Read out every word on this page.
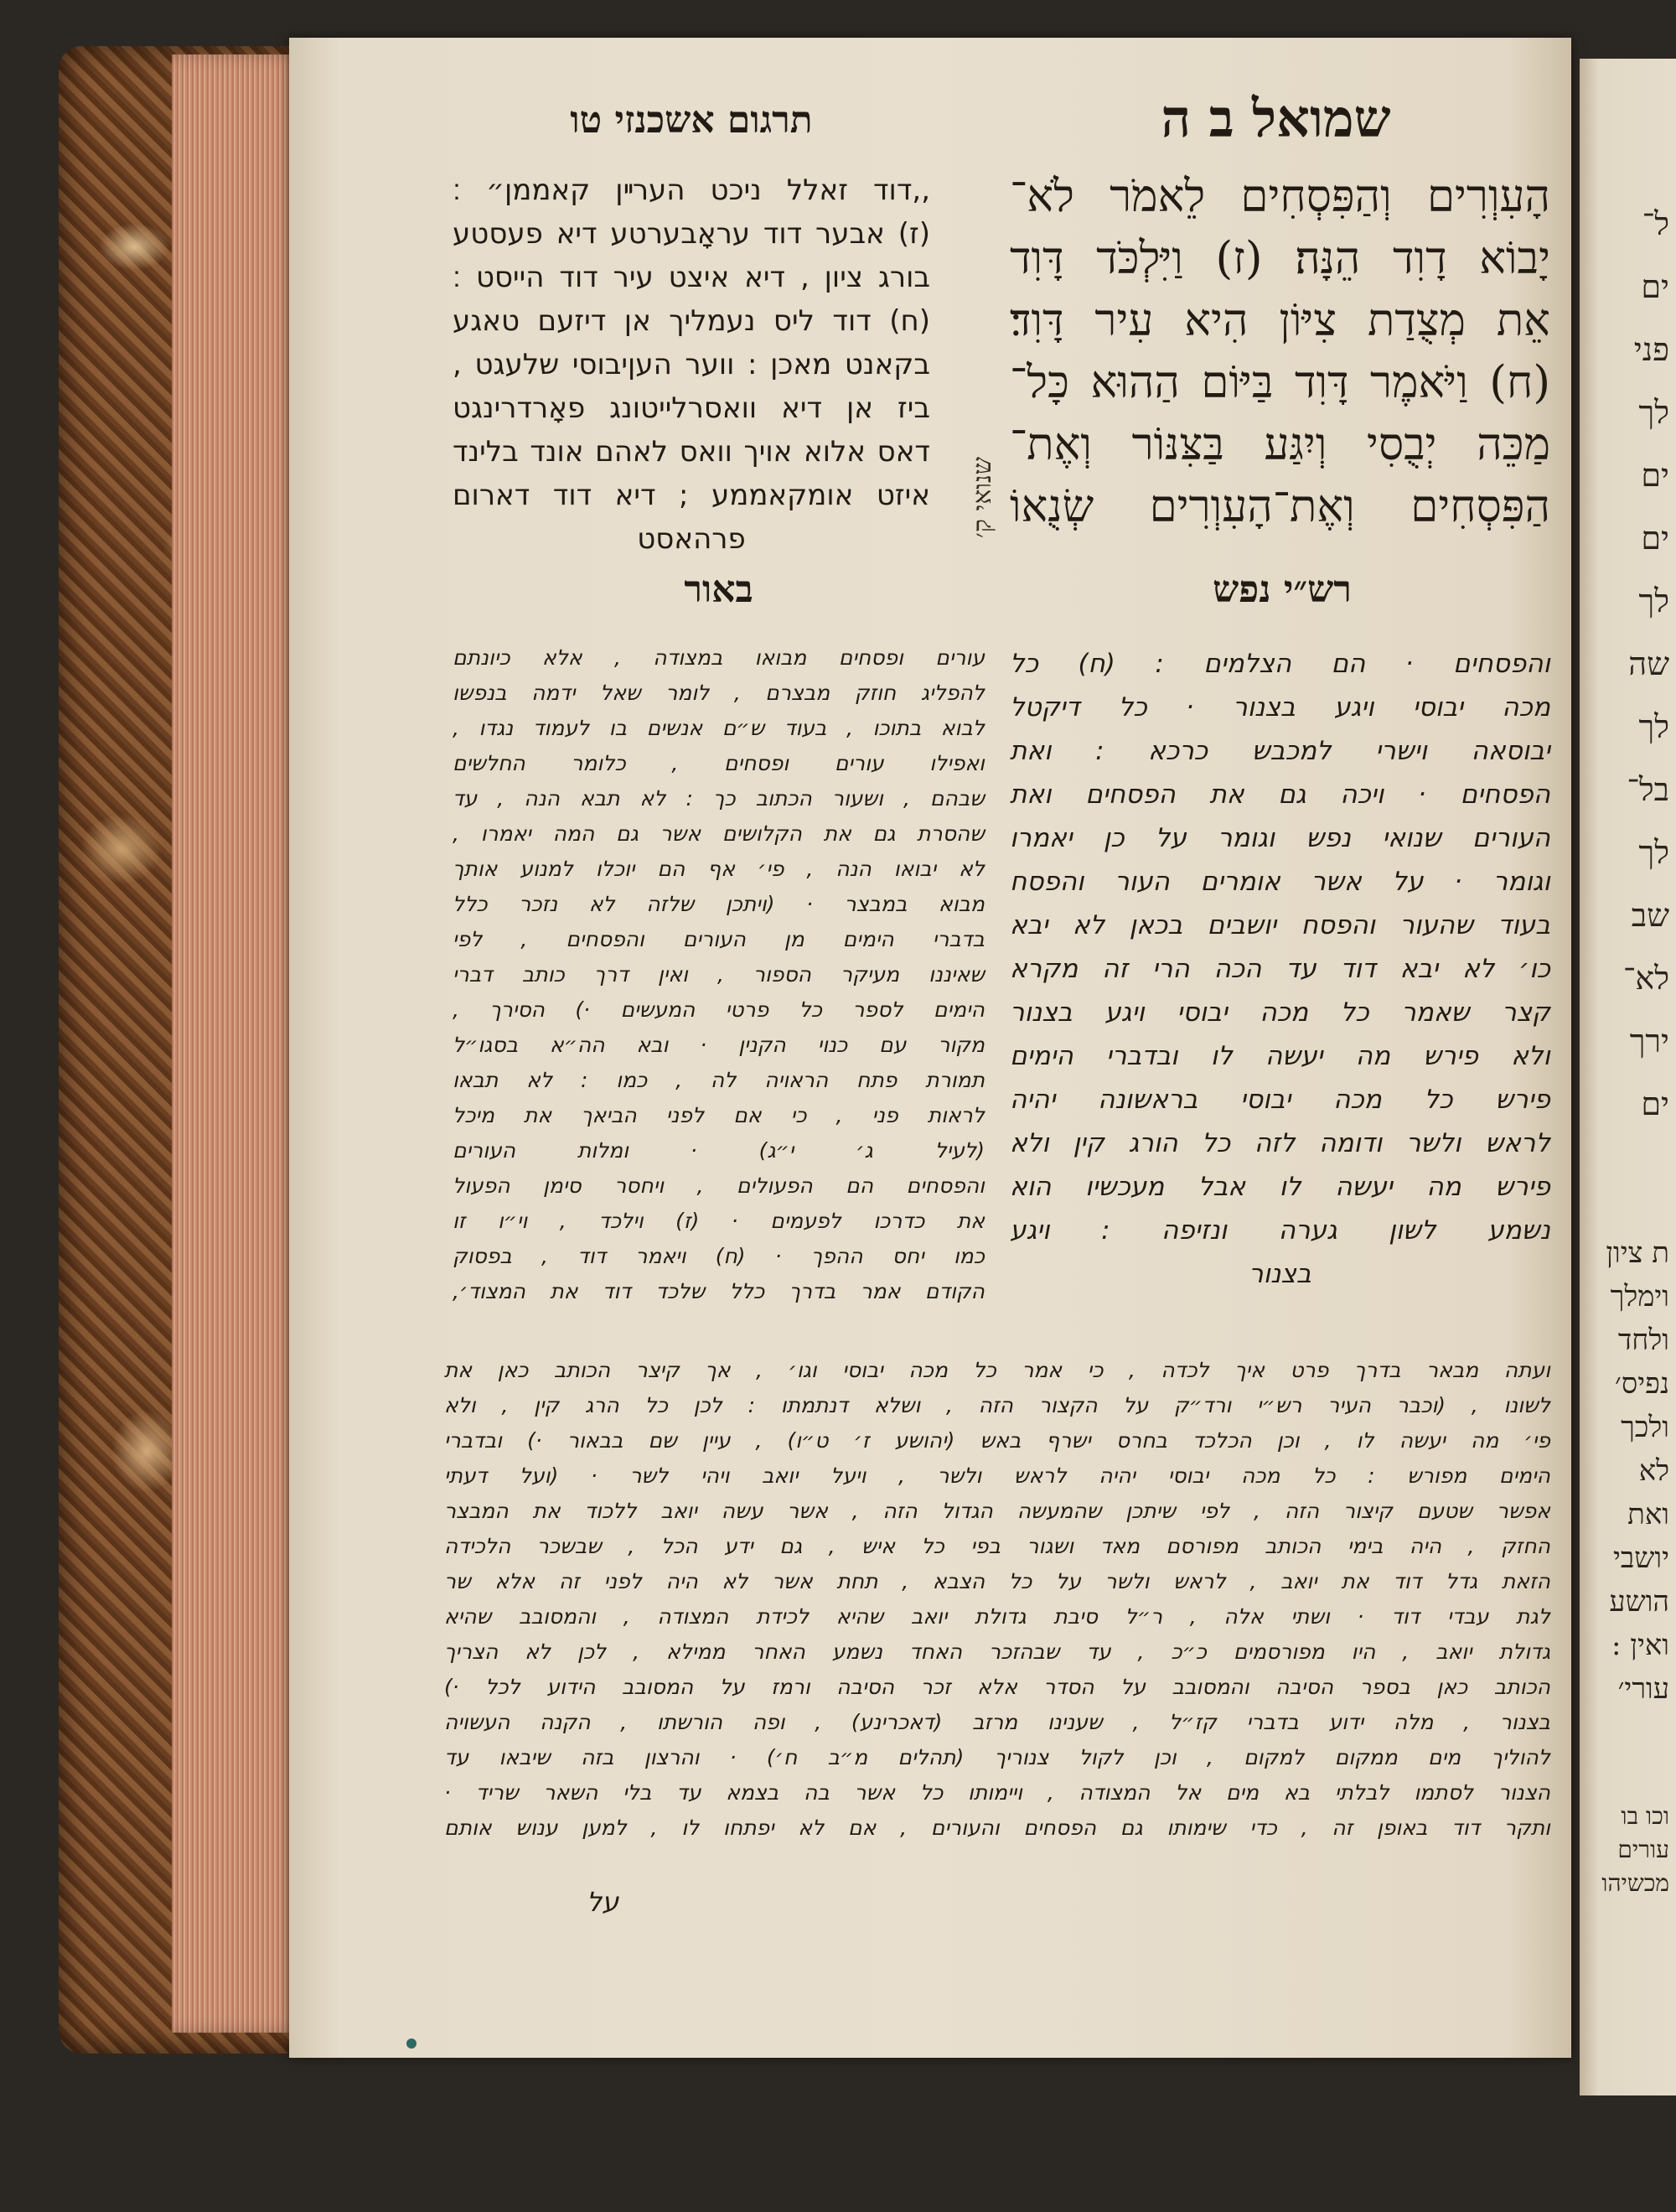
ל־
ים
פני
לך
ים
ים
לך
שה
לך
בל־
לך
שב
לא־
ירך
ים
ת ציון
וימלך
ולחד
נפיס׳
ולכך
לא
ואת
יושבי
הושע
ואין :
עורי׳
וכו בו
עורים
מכשיהו
שמואל ב ה
תרגום אשכנזי טו
הָעִוְרִים וְהַפִּסְחִים לֵאמֹר לֹא־
יָבוֹא דָוִד הֵנָּה׃ (ז) וַיִּלְכֹּד דָּוִד
אֵת מְצֻדַת צִיּוֹן הִיא עִיר דָּוִד׃
(ח) וַיֹּאמֶר דָּוִד בַּיּוֹם הַהוּא כָּל־
מַכֵּה יְבֻסִי וְיִגַּע בַּצִּנּוֹר וְאֶת־
הַפִּסְחִים וְאֶת־הָעִוְרִים שְׂנֻאוֹ
שנואי ק׳
,,דוד זאלל ניכט הערײן קאממן״ ׃
(ז) אבער דוד עראָבערטע דיא פעסטע
בורג ציון , דיא איצט עיר דוד הייסט ׃
(ח) דוד ליס נעמליך אן דיזעם טאגע
בקאנט מאכן : ווער העןיבוסי שלעגט ,
ביז אן דיא וואסרלייטונג פאָרדרינגט
דאס אלוא אויך וואס לאהם אונד בלינד
איזט אומקאממע ; דיא דוד דארום
פרהאסט
רש״י נפש
באור
והפסחים · הם הצלמים : (ח) כל
מכה יבוסי ויגע בצנור · כל דיקטל
יבוסאה וישרי למכבש כרכא : ואת
הפסחים · ויכה גם את הפסחים ואת
העורים שנואי נפש וגומר על כן יאמרו
וגומר · על אשר אומרים העור והפסח
בעוד שהעור והפסח יושבים בכאן לא יבא
כו׳ לא יבא דוד עד הכה הרי זה מקרא
קצר שאמר כל מכה יבוסי ויגע בצנור
ולא פירש מה יעשה לו ובדברי הימים
פירש כל מכה יבוסי בראשונה יהיה
לראש ולשר ודומה לזה כל הורג קין ולא
פירש מה יעשה לו אבל מעכשיו הוא
נשמע לשון גערה ונזיפה : ויגע
בצנור
עורים ופסחים מבואו במצודה , אלא כיונתם
להפליג חוזק מבצרם , לומר שאל ידמה בנפשו
לבוא בתוכו , בעוד ש״ם אנשים בו לעמוד נגדו ,
ואפילו עורים ופסחים , כלומר החלשים
שבהם , ושעור הכתוב כך : לא תבא הנה , עד
שהסרת גם את הקלושים אשר גם המה יאמרו ,
לא יבואו הנה , פי׳ אף הם יוכלו למנוע אותך
מבוא במבצר · (ויתכן שלזה לא נזכר כלל
בדברי הימים מן העורים והפסחים , לפי
שאיננו מעיקר הספור , ואין דרך כותב דברי
הימים לספר כל פרטי המעשים ·) הסירך ,
מקור עם כנוי הקנין · ובא הה״א בסגו״ל
תמורת פתח הראויה לה , כמו : לא תבאו
לראות פני , כי אם לפני הביאך את מיכל
(לעיל ג׳ י״ג) · ומלות העורים
והפסחים הם הפעולים , ויחסר סימן הפעול
את כדרכו לפעמים · (ז) וילכד , וי״ו זו
כמו יחס ההפך · (ח) ויאמר דוד , בפסוק
הקודם אמר בדרך כלל שלכד דוד את המצוד׳,
ועתה מבאר בדרך פרט איך לכדה , כי אמר כל מכה יבוסי וגו׳ , אך קיצר הכותב כאן את
לשונו , (וכבר העיר רש״י ורד״ק על הקצור הזה , ושלא דנתמתו : לכן כל הרג קין , ולא
פי׳ מה יעשה לו , וכן הכלכד בחרס ישרף באש (יהושע ז׳ ט״ו) , עיין שם בבאור ·) ובדברי
הימים מפורש : כל מכה יבוסי יהיה לראש ולשר , ויעל יואב ויהי לשר · (ועל דעתי
אפשר שטעם קיצור הזה , לפי שיתכן שהמעשה הגדול הזה , אשר עשה יואב ללכוד את המבצר
החזק , היה בימי הכותב מפורסם מאד ושגור בפי כל איש , גם ידע הכל , שבשכר הלכידה
הזאת גדל דוד את יואב , לראש ולשר על כל הצבא , תחת אשר לא היה לפני זה אלא שר
לגת עבדי דוד · ושתי אלה , ר״ל סיבת גדולת יואב שהיא לכידת המצודה , והמסובב שהיא
גדולת יואב , היו מפורסמים כ״כ , עד שבהזכר האחד נשמע האחר ממילא , לכן לא הצריך
הכותב כאן בספר הסיבה והמסובב על הסדר אלא זכר הסיבה ורמז על המסובב הידוע לכל ·)
בצנור , מלה ידוע בדברי קז״ל , שענינו מרזב (דאכרינע) , ופה הורשתו , הקנה העשויה
להוליך מים ממקום למקום , וכן לקול צנוריך (תהלים מ״ב ח׳) · והרצון בזה שיבאו עד
הצנור לסתמו לבלתי בא מים אל המצודה , ויימותו כל אשר בה בצמא עד בלי השאר שריד ·
ותקר דוד באופן זה , כדי שימותו גם הפסחים והעורים , אם לא יפתחו לו , למען ענוש אותם
על
